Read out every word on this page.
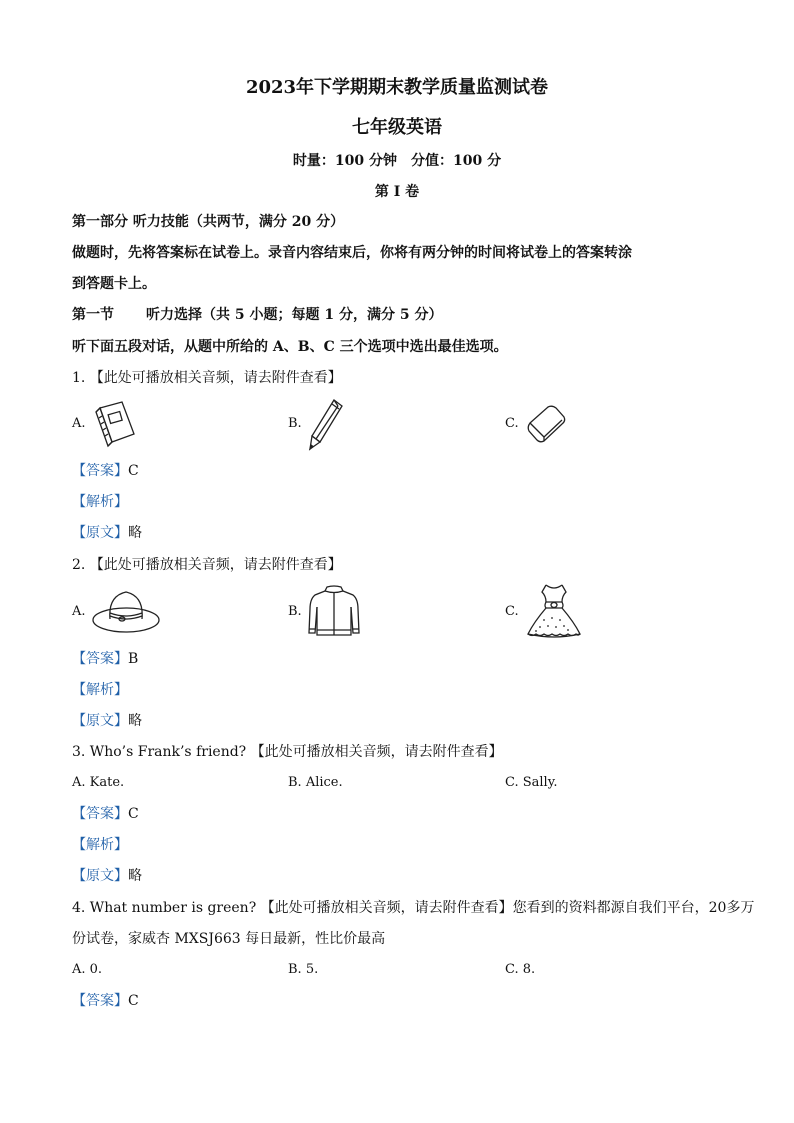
2023年下学期期末教学质量监测试卷
七年级英语
时量：100 分钟　分值：100 分
第 I 卷
第一部分 听力技能（共两节，满分 20 分）
做题时，先将答案标在试卷上。录音内容结束后，你将有两分钟的时间将试卷上的答案转涂
到答题卡上。
第一节 听力选择（共 5 小题；每题 1 分，满分 5 分）
听下面五段对话，从题中所给的 A、B、C 三个选项中选出最佳选项。
1. 【此处可播放相关音频，请去附件查看】
A.	B.	C.
【答案】C
【解析】
【原文】略
2. 【此处可播放相关音频，请去附件查看】
A.	B.	C.
【答案】B
【解析】
【原文】略
3. Who’s Frank’s friend? 【此处可播放相关音频，请去附件查看】
A. Kate.	B. Alice.	C. Sally.
【答案】C
【解析】
【原文】略
4. What number is green? 【此处可播放相关音频，请去附件查看】您看到的资料都源自我们平台，20多万
份试卷，家威杏 MXSJ663 每日最新，性比价最高
A. 0.	B. 5.	C. 8.
【答案】C
